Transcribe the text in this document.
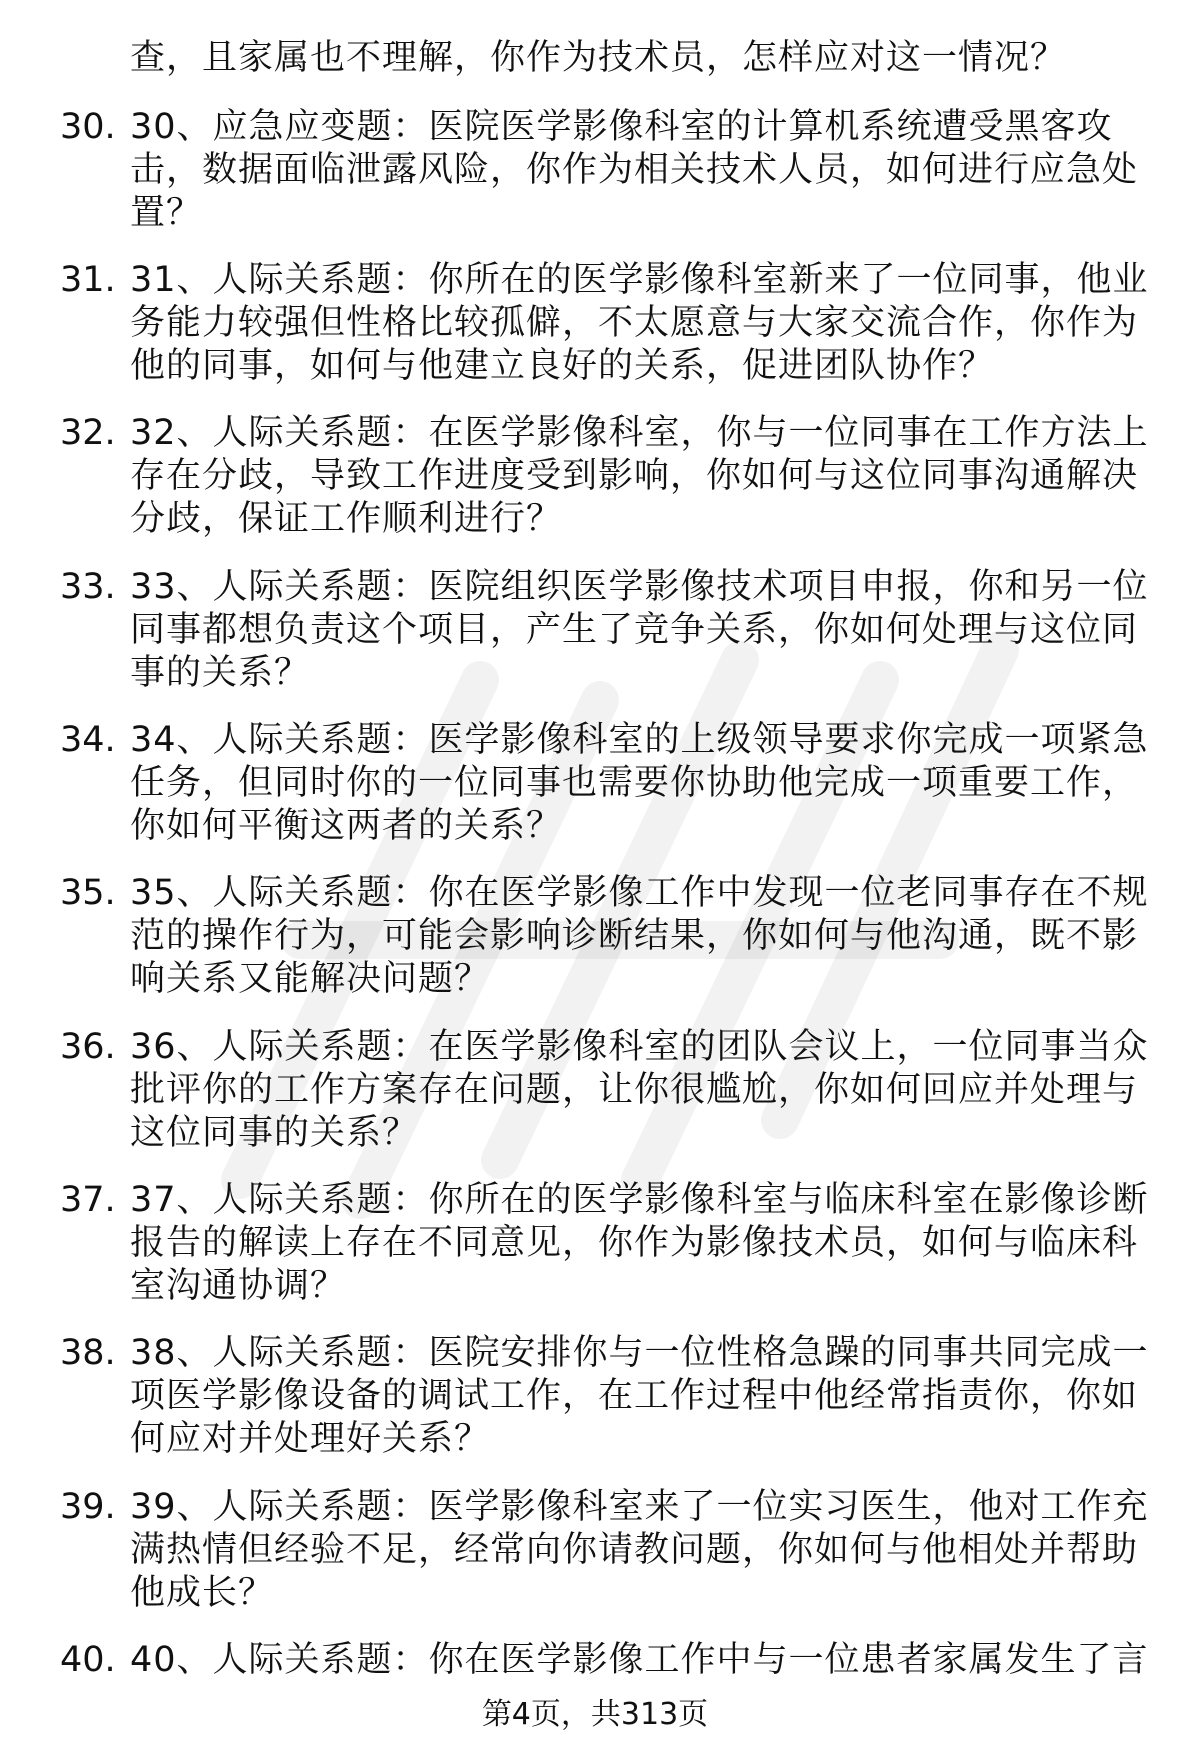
查，且家属也不理解，你作为技术员，怎样应对这一情况？
30. 30、应急应变题：医院医学影像科室的计算机系统遭受黑客攻
击，数据面临泄露风险，你作为相关技术人员，如何进行应急处
置？
31. 31、人际关系题：你所在的医学影像科室新来了一位同事，他业
务能力较强但性格比较孤僻，不太愿意与大家交流合作，你作为
他的同事，如何与他建立良好的关系，促进团队协作？
32. 32、人际关系题：在医学影像科室，你与一位同事在工作方法上
存在分歧，导致工作进度受到影响，你如何与这位同事沟通解决
分歧，保证工作顺利进行？
33. 33、人际关系题：医院组织医学影像技术项目申报，你和另一位
同事都想负责这个项目，产生了竞争关系，你如何处理与这位同
事的关系？
34. 34、人际关系题：医学影像科室的上级领导要求你完成一项紧急
任务，但同时你的一位同事也需要你协助他完成一项重要工作，
你如何平衡这两者的关系？
35. 35、人际关系题：你在医学影像工作中发现一位老同事存在不规
范的操作行为，可能会影响诊断结果，你如何与他沟通，既不影
响关系又能解决问题？
36. 36、人际关系题：在医学影像科室的团队会议上，一位同事当众
批评你的工作方案存在问题，让你很尴尬，你如何回应并处理与
这位同事的关系？
37. 37、人际关系题：你所在的医学影像科室与临床科室在影像诊断
报告的解读上存在不同意见，你作为影像技术员，如何与临床科
室沟通协调？
38. 38、人际关系题：医院安排你与一位性格急躁的同事共同完成一
项医学影像设备的调试工作，在工作过程中他经常指责你，你如
何应对并处理好关系？
39. 39、人际关系题：医学影像科室来了一位实习医生，他对工作充
满热情但经验不足，经常向你请教问题，你如何与他相处并帮助
他成长？
40. 40、人际关系题：你在医学影像工作中与一位患者家属发生了言
第4页，共313页
